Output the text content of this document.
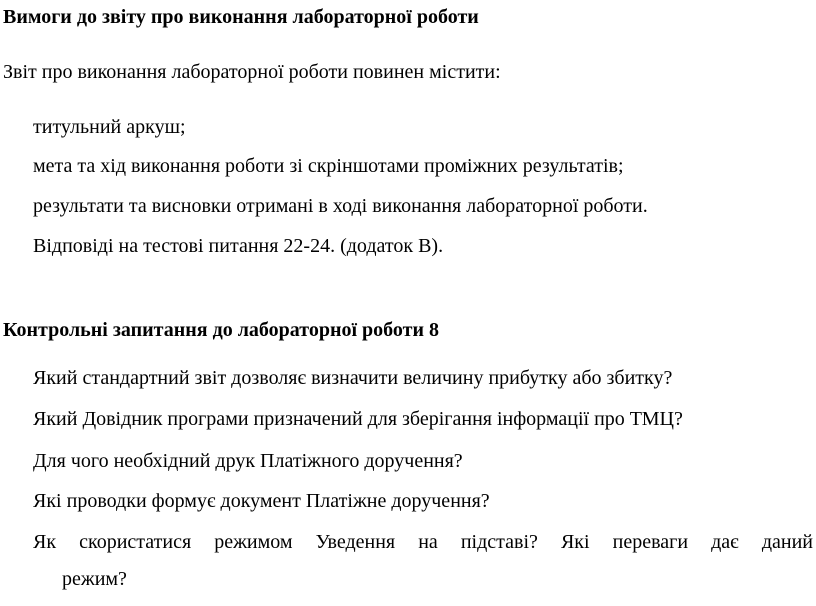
Вимоги до звіту про виконання лабораторної роботи

Звіт про виконання лабораторної роботи повинен містити:

титульний аркуш;

мета та хід виконання роботи зі скріншотами проміжних результатів;

результати та висновки отримані в ході виконання лабораторної роботи.

Відповіді на тестові питання 22-24. (додаток В).

Контрольні запитання до лабораторної роботи 8

Який стандартний звіт дозволяє визначити величину прибутку або збитку?

Який Довідник програми призначений для зберігання інформації про ТМЦ?

Для чого необхідний друк Платіжного доручення?

Які проводки формує документ Платіжне доручення?

Як скористатися режимом Уведення на підставі? Які переваги дає даний

режим?
